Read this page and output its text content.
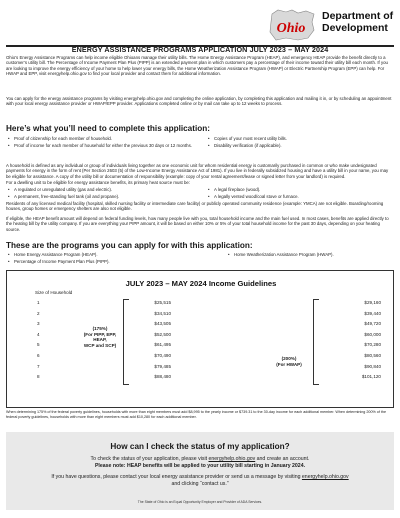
Ohio
Department of
Development
ENERGY ASSISTANCE PROGRAMS APPLICATION JULY 2023 – MAY 2024
Ohio’s Energy Assistance Programs can help income eligible Ohioans manage their utility bills. The Home Energy Assistance Program (HEAP), and emergency HEAP provide the benefit directly to a customer’s utility bill. The Percentage of Income Payment Plan Plus (PIPP) is an extended payment plan in which customers pay a percentage of their income toward their utility bill each month. If you are looking to improve the energy efficiency of your home to help lower your energy bills, the Home Weatherization Assistance Program (HWAP) or Electric Partnership Program (EPP) can help. For HWAP and EPP, visit energyhelp.ohio.gov to find your local provider and contact them for additional information.
You can apply for the energy assistance programs by visiting energyhelp.ohio.gov and completing the online application, by completing this application and mailing it in, or by scheduling an appointment with your local energy assistance provider or HWAP/EPP provider. Applications completed online or by mail can take up to 12 weeks to process.
Here’s what you’ll need to complete this application:
• Proof of citizenship for each member of household.
• Proof of income for each member of household for either the previous 30 days or 12 months.
• Copies of your most recent utility bills.
• Disability verification (if applicable).
A household is defined as any individual or group of individuals living together as one economic unit for whom residential energy is customarily purchased in common or who make undesignated payments for energy in the form of rent (Per Section 2603 (5) of the Low-Income Energy Assistance Act of 1981). If you live in federally subsidized housing and have a utility bill in your name, you may be eligible for assistance. A copy of the utility bill or documentation of responsibility (example: copy of your rental agreement/lease or signed letter from your landlord) is required.
For a dwelling unit to be eligible for energy assistance benefits, its primary heat source must be:
• A regulated or unregulated utility (gas and electric).
• A permanent, free-standing fuel tank (oil and propane).
• A legal fireplace (wood).
• A legally vented wood/coal stove or furnace.
Residents of any licensed medical facility (hospital, skilled nursing facility or intermediate care facility) or publicly operated community residence (example: YMCA) are not eligible. Boarding/rooming houses, group homes or emergency shelters are also not eligible.
If eligible, the HEAP benefit amount will depend on federal funding levels, how many people live with you, total household income and the main fuel used. In most cases, benefits are applied directly to the heating bill by the utility company. If you are everything your PIPP amount, it will be based on either 10% or 5% of your total household income for the past 30 days, depending on your heating source.
These are the programs you can apply for with this application:
• Home Energy Assistance Program (HEAP).
• Percentage of Income Payment Plan Plus (PIPP).
• Home Weatherization Assistance Program (HWAP).
JULY 2023 – MAY 2024 Income Guidelines
Size of Household
1	$25,515	$29,160
2	$34,510	$39,440
3	$43,505	$49,720
4	$52,500	$60,000
5	$61,495	$70,280
6	$70,490	$80,560
7	$79,485	$90,840
8	$88,480	$101,120
(175%)
(For PIPP, EPP, HEAP,
WCP and SCP)
(200%)
(For HWAP)
When determining 175% of the federal poverty guidelines, households with more than eight members must add $8,995 to the yearly income or $739.31 to the 30-day income for each additional member. When determining 200% of the federal poverty guidelines, households with more than eight members must add $10,280 for each additional member.
How can I check the status of my application?
To check the status of your application, please visit energyhelp.ohio.gov and create an account.
Please note: HEAP benefits will be applied to your utility bill starting in January 2024.
If you have questions, please contact your local energy assistance provider or send us a message by visiting energyhelp.ohio.gov
and clicking “contact us.”
The State of Ohio is an Equal Opportunity Employer and Provider of ADA Services.
